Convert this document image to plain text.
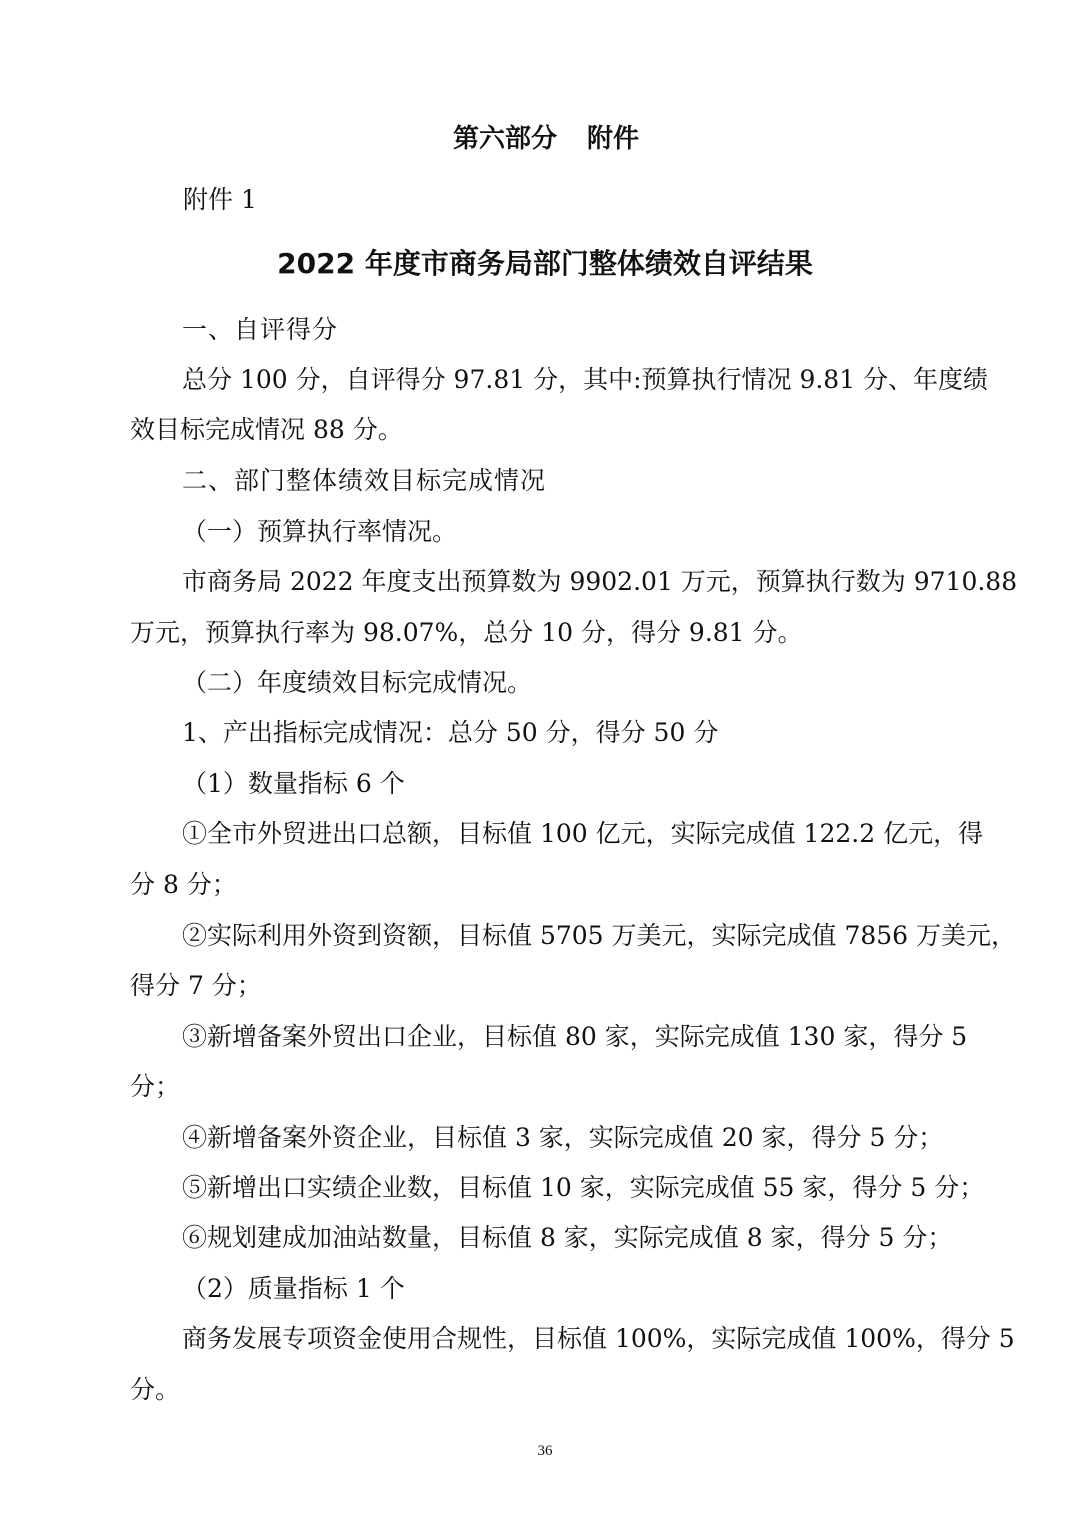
第六部分 附件
附件 1
2022 年度市商务局部门整体绩效自评结果
一、自评得分
总分 100 分，自评得分 97.81 分，其中:预算执行情况 9.81 分、年度绩
效目标完成情况 88 分。
二、部门整体绩效目标完成情况
（一）预算执行率情况。
市商务局 2022 年度支出预算数为 9902.01 万元，预算执行数为 9710.88
万元，预算执行率为 98.07%，总分 10 分，得分 9.81 分。
（二）年度绩效目标完成情况。
1、产出指标完成情况：总分 50 分，得分 50 分
（1）数量指标 6 个
①全市外贸进出口总额，目标值 100 亿元，实际完成值 122.2 亿元，得
分 8 分；
②实际利用外资到资额，目标值 5705 万美元，实际完成值 7856 万美元，
得分 7 分；
③新增备案外贸出口企业，目标值 80 家，实际完成值 130 家，得分 5
分；
④新增备案外资企业，目标值 3 家，实际完成值 20 家，得分 5 分；
⑤新增出口实绩企业数，目标值 10 家，实际完成值 55 家，得分 5 分；
⑥规划建成加油站数量，目标值 8 家，实际完成值 8 家，得分 5 分；
（2）质量指标 1 个
商务发展专项资金使用合规性，目标值 100%，实际完成值 100%，得分 5
分。
36
